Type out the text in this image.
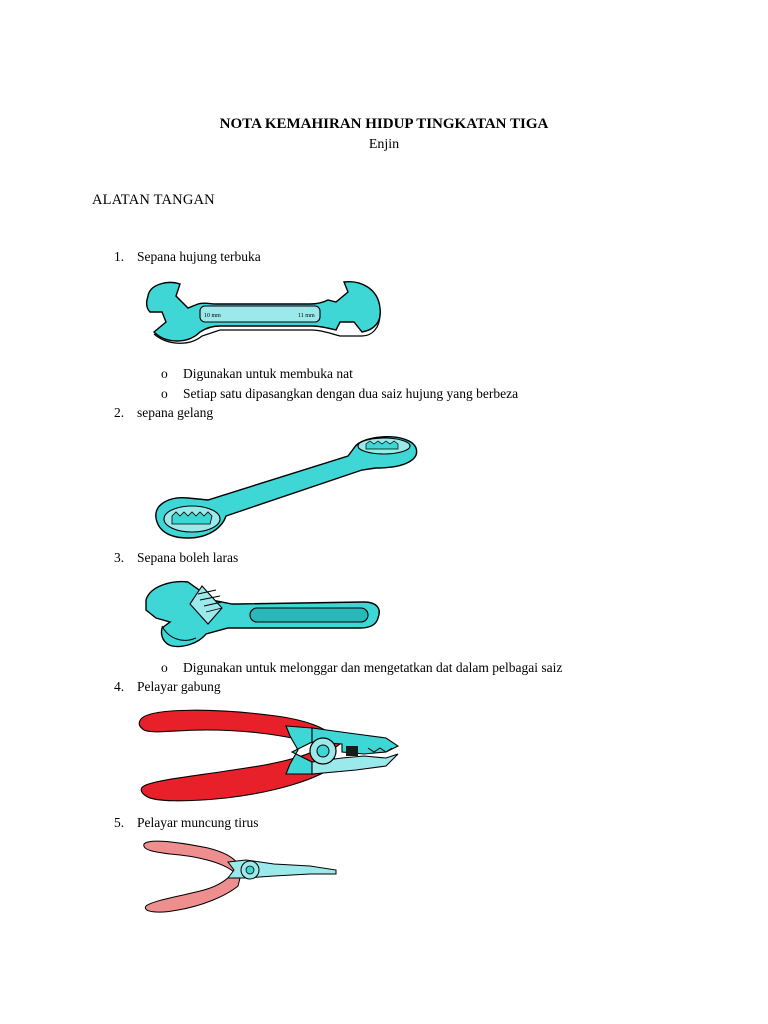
NOTA KEMAHIRAN HIDUP TINGKATAN TIGA
Enjin
ALATAN TANGAN
1. Sepana hujung terbuka
10 mm	11 mm
o Digunakan untuk membuka nat
o Setiap satu dipasangkan dengan dua saiz hujung yang berbeza
2. sepana gelang
3. Sepana boleh laras
o Digunakan untuk melonggar dan mengetatkan dat dalam pelbagai saiz
4. Pelayar gabung
5. Pelayar muncung tirus
